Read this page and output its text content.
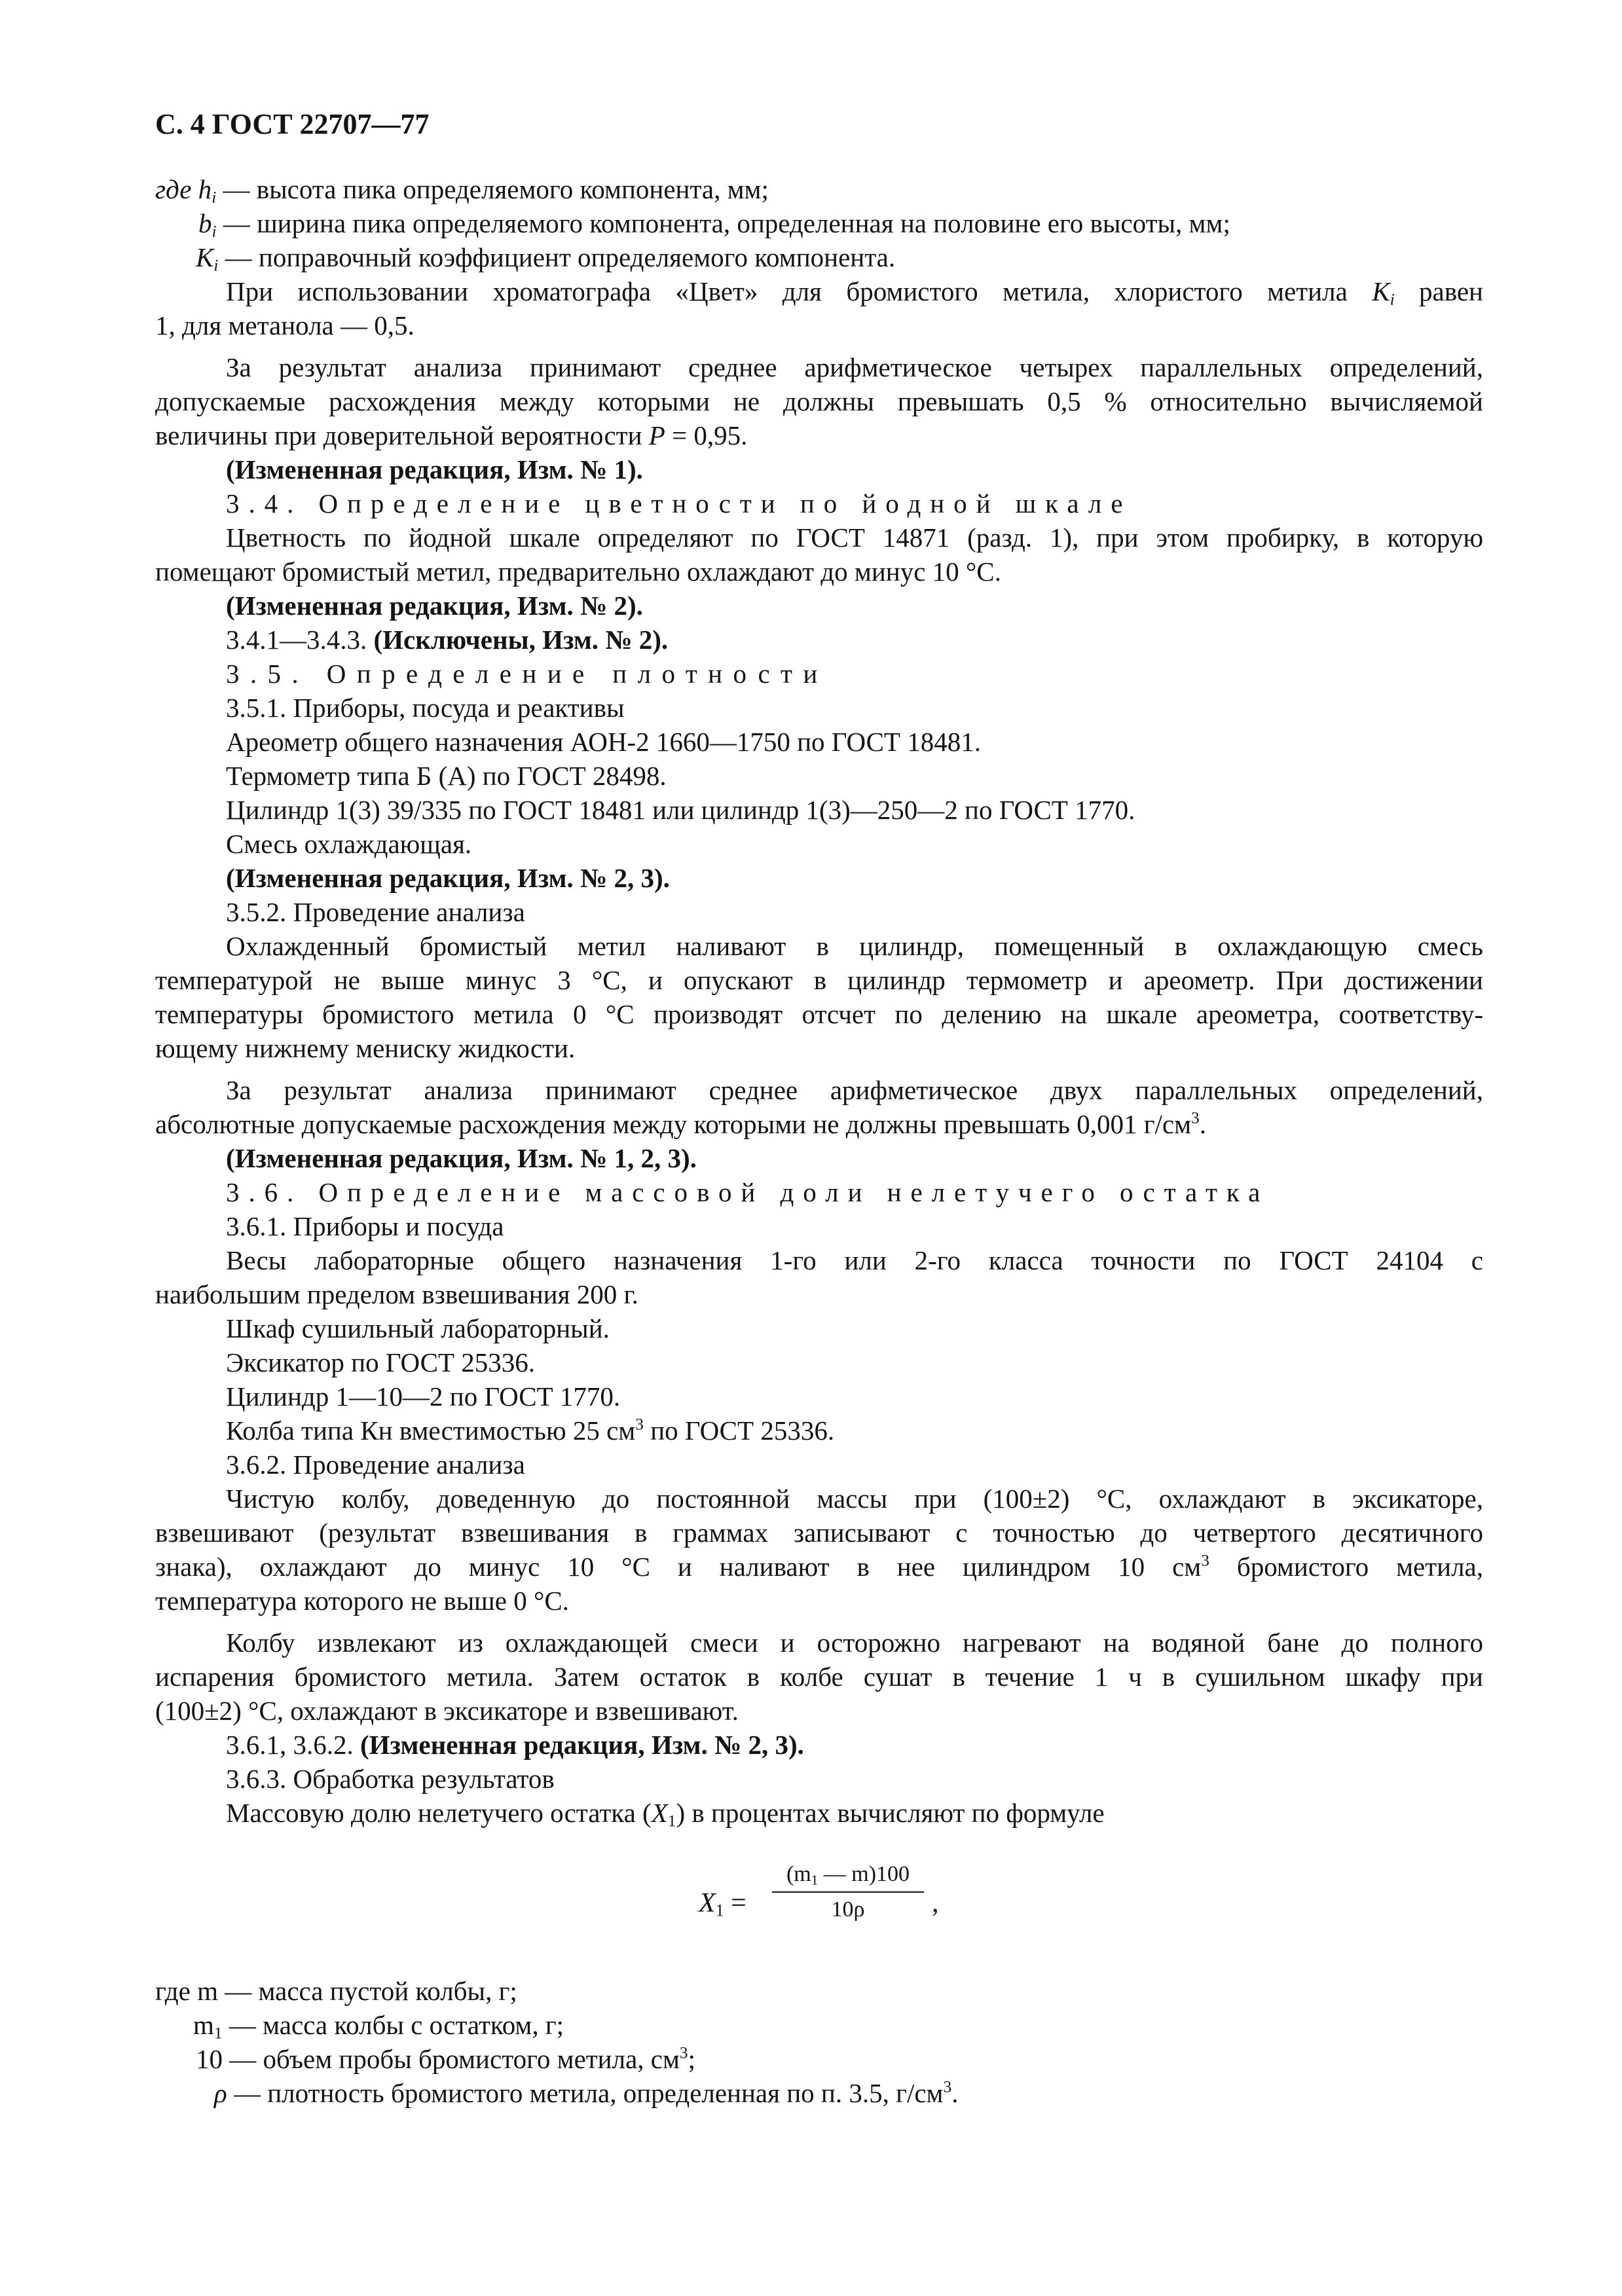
С. 4 ГОСТ 22707—77
где $h_i$ — высота пика определяемого компонента, мм;
$b_i$ — ширина пика определяемого компонента, определенная на половине его высоты, мм;
$K_i$ — поправочный коэффициент определяемого компонента.
При использовании хроматографа «Цвет» для бромистого метила, хлористого метила $K_i$ равен
1, для метанола — 0,5.
За результат анализа принимают среднее арифметическое четырех параллельных определений,
допускаемые расхождения между которыми не должны превышать 0,5 % относительно вычисляемой
величины при доверительной вероятности P = 0,95.
(Измененная редакция, Изм. № 1).
3.4. Определение цветности по йодной шкале
Цветность по йодной шкале определяют по ГОСТ 14871 (разд. 1), при этом пробирку, в которую
помещают бромистый метил, предварительно охлаждают до минус 10 °С.
(Измененная редакция, Изм. № 2).
3.4.1—3.4.3. (Исключены, Изм. № 2).
3.5. Определение плотности
3.5.1. Приборы, посуда и реактивы
Ареометр общего назначения АОН-2 1660—1750 по ГОСТ 18481.
Термометр типа Б (А) по ГОСТ 28498.
Цилиндр 1(3) 39/335 по ГОСТ 18481 или цилиндр 1(3)—250—2 по ГОСТ 1770.
Смесь охлаждающая.
(Измененная редакция, Изм. № 2, 3).
3.5.2. Проведение анализа
Охлажденный бромистый метил наливают в цилиндр, помещенный в охлаждающую смесь
температурой не выше минус 3 °С, и опускают в цилиндр термометр и ареометр. При достижении
температуры бромистого метила 0 °С производят отсчет по делению на шкале ареометра, соответству-
ющему нижнему мениску жидкости.
За результат анализа принимают среднее арифметическое двух параллельных определений,
абсолютные допускаемые расхождения между которыми не должны превышать 0,001 $г/см^3$.
(Измененная редакция, Изм. № 1, 2, 3).
3.6. Определение массовой доли нелетучего остатка
3.6.1. Приборы и посуда
Весы лабораторные общего назначения 1-го или 2-го класса точности по ГОСТ 24104 с
наибольшим пределом взвешивания 200 г.
Шкаф сушильный лабораторный.
Эксикатор по ГОСТ 25336.
Цилиндр 1—10—2 по ГОСТ 1770.
Колба типа Кн вместимостью 25 $см^3$ по ГОСТ 25336.
3.6.2. Проведение анализа
Чистую колбу, доведенную до постоянной массы при (100±2) °С, охлаждают в эксикаторе,
взвешивают (результат взвешивания в граммах записывают с точностью до четвертого десятичного
знака), охлаждают до минус 10 °С и наливают в нее цилиндром 10 $см^3$ бромистого метила,
температура которого не выше 0 °С.
Колбу извлекают из охлаждающей смеси и осторожно нагревают на водяной бане до полного
испарения бромистого метила. Затем остаток в колбе сушат в течение 1 ч в сушильном шкафу при
(100±2) °С, охлаждают в эксикаторе и взвешивают.
3.6.1, 3.6.2. (Измененная редакция, Изм. № 2, 3).
3.6.3. Обработка результатов
Массовую долю нелетучего остатка $(X_1)$ в процентах вычисляют по формуле
$X_1$ =
($m_1$ — m)100
10ρ	,
где m — масса пустой колбы, г;
$m_1$ — масса колбы с остатком, г;
10 — объем пробы бромистого метила, $см^3$;
ρ — плотность бромистого метила, определенная по п. 3.5, $г/см^3$.
